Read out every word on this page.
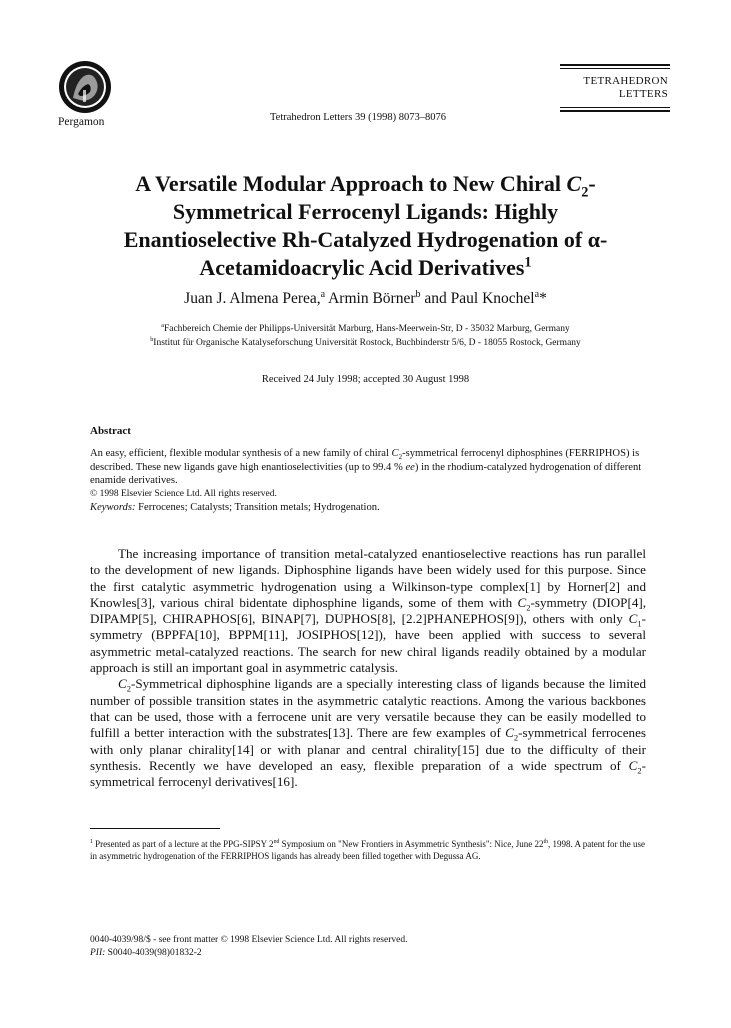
Pergamon	Tetrahedron Letters 39 (1998) 8073–8076
TETRAHEDRON
LETTERS
A Versatile Modular Approach to New Chiral $C_2-$
Symmetrical Ferrocenyl Ligands: Highly
Enantioselective Rh-Catalyzed Hydrogenation of α-
Acetamidoacrylic Acid Derivatives$^1$
Juan J. Almena Perea,$^a$ Armin Börner$^b$ and Paul Knochel$^a$*
$^a$Fachbereich Chemie der Philipps-Universität Marburg, Hans-Meerwein-Str, D - 35032 Marburg, Germany
$^b$Institut für Organische Katalyseforschung Universität Rostock, Buchbinderstr 5/6, D - 18055 Rostock, Germany
Received 24 July 1998; accepted 30 August 1998
Abstract
An easy, efficient, flexible modular synthesis of a new family of chiral $C_2$-symmetrical ferrocenyl diphosphines (FERRIPHOS) is described. These new ligands gave high enantioselectivities (up to 99.4 % ee) in the rhodium-catalyzed hydrogenation of different enamide derivatives.
© 1998 Elsevier Science Ltd. All rights reserved.
Keywords: Ferrocenes; Catalysts; Transition metals; Hydrogenation.

The increasing importance of transition metal-catalyzed enantioselective reactions has run parallel to the development of new ligands. Diphosphine ligands have been widely used for this purpose. Since the first catalytic asymmetric hydrogenation using a Wilkinson-type complex[1] by Horner[2] and Knowles[3], various chiral bidentate diphosphine ligands, some of them with $C_2$-symmetry (DIOP[4], DIPAMP[5], CHIRAPHOS[6], BINAP[7], DUPHOS[8], [2.2]PHANEPHOS[9]), others with only $C_1$-symmetry (BPPFA[10], BPPM[11], JOSIPHOS[12]), have been applied with success to several asymmetric metal-catalyzed reactions. The search for new chiral ligands readily obtained by a modular approach is still an important goal in asymmetric catalysis.

$C_2$-Symmetrical diphosphine ligands are a specially interesting class of ligands because the limited number of possible transition states in the asymmetric catalytic reactions. Among the various backbones that can be used, those with a ferrocene unit are very versatile because they can be easily modelled to fulfill a better interaction with the substrates[13]. There are few examples of $C_2$-symmetrical ferrocenes with only planar chirality[14] or with planar and central chirality[15] due to the difficulty of their synthesis. Recently we have developed an easy, flexible preparation of a wide spectrum of $C_2$-symmetrical ferrocenyl derivatives[16].

$^1$ Presented as part of a lecture at the PPG-SIPSY 2nd Symposium on "New Frontiers in Asymmetric Synthesis": Nice, June 22th, 1998. A patent for the use in asymmetric hydrogenation of the FERRIPHOS ligands has already been filled together with Degussa AG.
0040-4039/98/$ - see front matter © 1998 Elsevier Science Ltd. All rights reserved.
PII: S0040-4039(98)01832-2
